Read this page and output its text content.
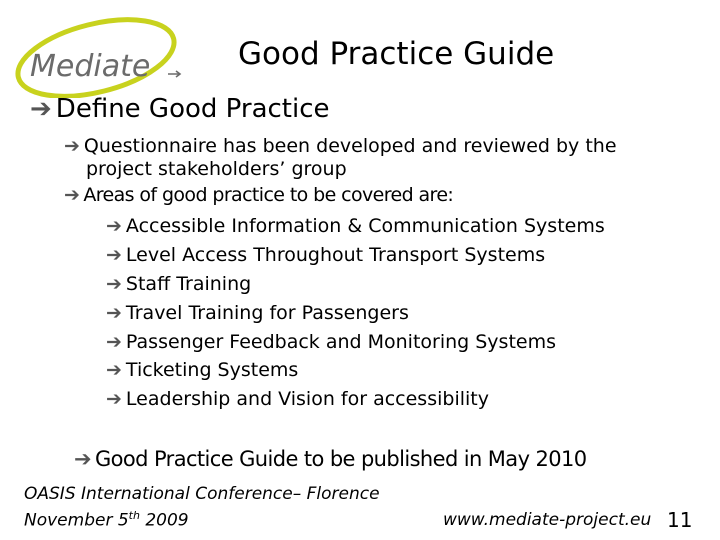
Mediate	Good Practice Guide
➔ Define Good Practice
➔ Questionnaire has been developed and reviewed by the
project stakeholders’ group
➔ Areas of good practice to be covered are:
➔ Accessible Information & Communication Systems
➔ Level Access Throughout Transport Systems
➔ Staff Training
➔ Travel Training for Passengers
➔ Passenger Feedback and Monitoring Systems
➔ Ticketing Systems
➔ Leadership and Vision for accessibility
➔ Good Practice Guide to be published in May 2010
OASIS International Conference– Florence
November 5th 2009	www.mediate-project.eu 11
